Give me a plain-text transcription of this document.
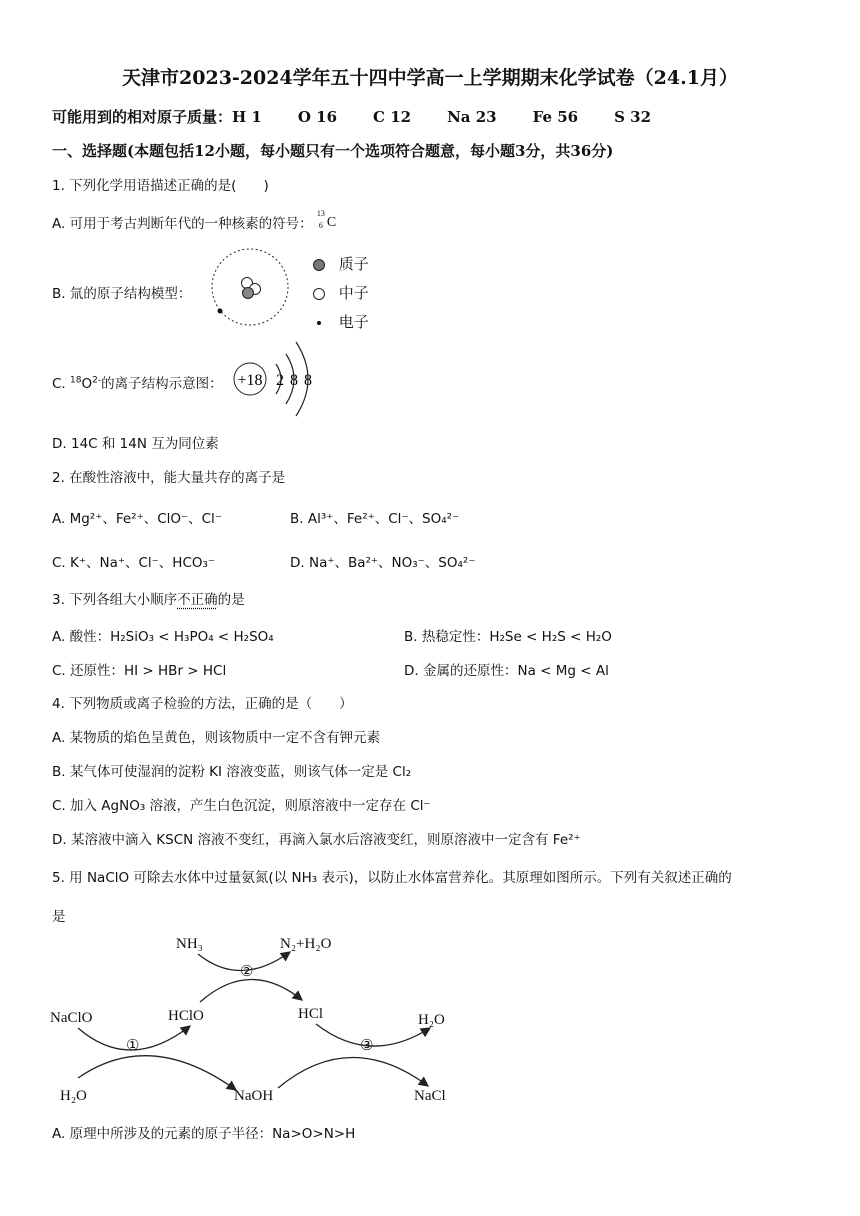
天津市2023-2024学年五十四中学高一上学期期末化学试卷（24.1月）
可能用到的相对原子质量：H 1 O 16 C 12 Na 23 Fe 56 S 32
一、选择题(本题包括12小题，每小题只有一个选项符合题意，每小题3分，共36分)
1. 下列化学用语描述正确的是(　　)
A. 可用于考古判断年代的一种核素的符号：
13
6 C
B. 氚的原子结构模型：
质子
中子
电子
C. $^{18}O^{2-}$的离子结构示意图： +18 2 8 8
D. 14C 和 14N 互为同位素
2. 在酸性溶液中，能大量共存的离子是
A. Mg²⁺、Fe²⁺、ClO⁻、Cl⁻	B. Al³⁺、Fe²⁺、Cl⁻、SO₄²⁻
C. K⁺、Na⁺、Cl⁻、HCO₃⁻	D. Na⁺、Ba²⁺、NO₃⁻、SO₄²⁻
3. 下列各组大小顺序不正确的是
A. 酸性：H₂SiO₃ < H₃PO₄ < H₂SO₄	B. 热稳定性：H₂Se < H₂S < H₂O
C. 还原性：HI > HBr > HCl	D. 金属的还原性：Na < Mg < Al
4. 下列物质或离子检验的方法，正确的是（　　）
A. 某物质的焰色呈黄色，则该物质中一定不含有钾元素
B. 某气体可使湿润的淀粉 KI 溶液变蓝，则该气体一定是 Cl₂
C. 加入 AgNO₃ 溶液，产生白色沉淀，则原溶液中一定存在 Cl⁻
D. 某溶液中滴入 KSCN 溶液不变红，再滴入氯水后溶液变红，则原溶液中一定含有 Fe²⁺
5. 用 NaClO 可除去水体中过量氨氮(以 NH₃ 表示)，以防止水体富营养化。其原理如图所示。下列有关叙述正确的
是
NH₃	N₂+H₂O
②
NaClO	HClO	HCl	H₂O
①	③
H₂O	NaOH	NaCl
A. 原理中所涉及的元素的原子半径：Na>O>N>H
